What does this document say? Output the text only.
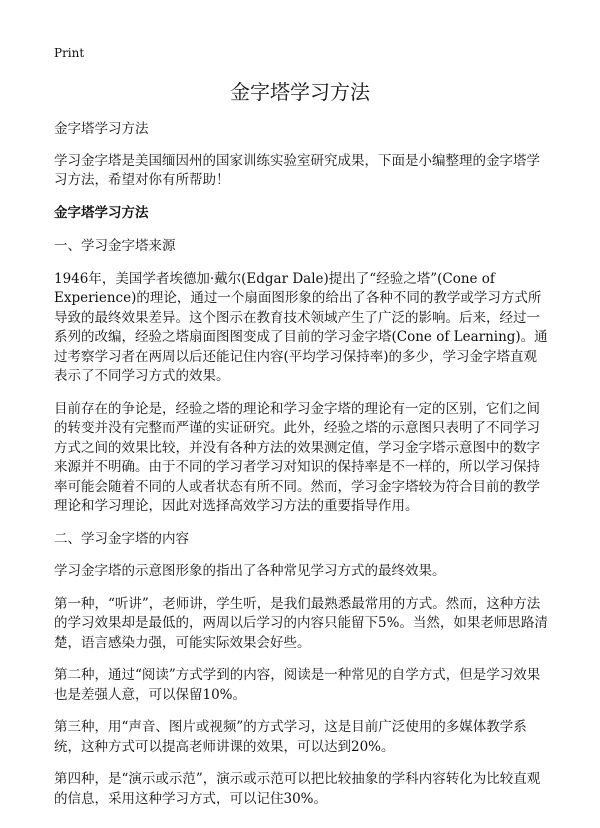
Print
金字塔学习方法

金字塔学习方法

学习金字塔是美国缅因州的国家训练实验室研究成果，下面是小编整理的金字塔学习方法，希望对你有所帮助！

金字塔学习方法

一、学习金字塔来源

1946年，美国学者埃德加·戴尔(Edgar Dale)提出了“经验之塔”(Cone of Experience)的理论，通过一个扇面图形象的给出了各种不同的教学或学习方式所导致的最终效果差异。这个图示在教育技术领域产生了广泛的影响。后来，经过一系列的改编，经验之塔扇面图图变成了目前的学习金字塔(Cone of Learning)。通过考察学习者在两周以后还能记住内容(平均学习保持率)的多少，学习金字塔直观表示了不同学习方式的效果。

目前存在的争论是，经验之塔的理论和学习金字塔的理论有一定的区别，它们之间的转变并没有完整而严谨的实证研究。此外，经验之塔的示意图只表明了不同学习方式之间的效果比较，并没有各种方法的效果测定值，学习金字塔示意图中的数字来源并不明确。由于不同的学习者学习对知识的保持率是不一样的，所以学习保持率可能会随着不同的人或者状态有所不同。然而，学习金字塔较为符合目前的教学理论和学习理论，因此对选择高效学习方法的重要指导作用。

二、学习金字塔的内容

学习金字塔的示意图形象的指出了各种常见学习方式的最终效果。

第一种，“听讲”，老师讲，学生听，是我们最熟悉最常用的方式。然而，这种方法的学习效果却是最低的，两周以后学习的内容只能留下5%。当然，如果老师思路清楚，语言感染力强，可能实际效果会好些。

第二种，通过“阅读”方式学到的内容，阅读是一种常见的自学方式，但是学习效果也是差强人意，可以保留10%。

第三种，用“声音、图片或视频”的方式学习，这是目前广泛使用的多媒体教学系统，这种方式可以提高老师讲课的效果，可以达到20%。

第四种，是“演示或示范”，演示或示范可以把比较抽象的学科内容转化为比较直观的信息，采用这种学习方式，可以记住30%。
